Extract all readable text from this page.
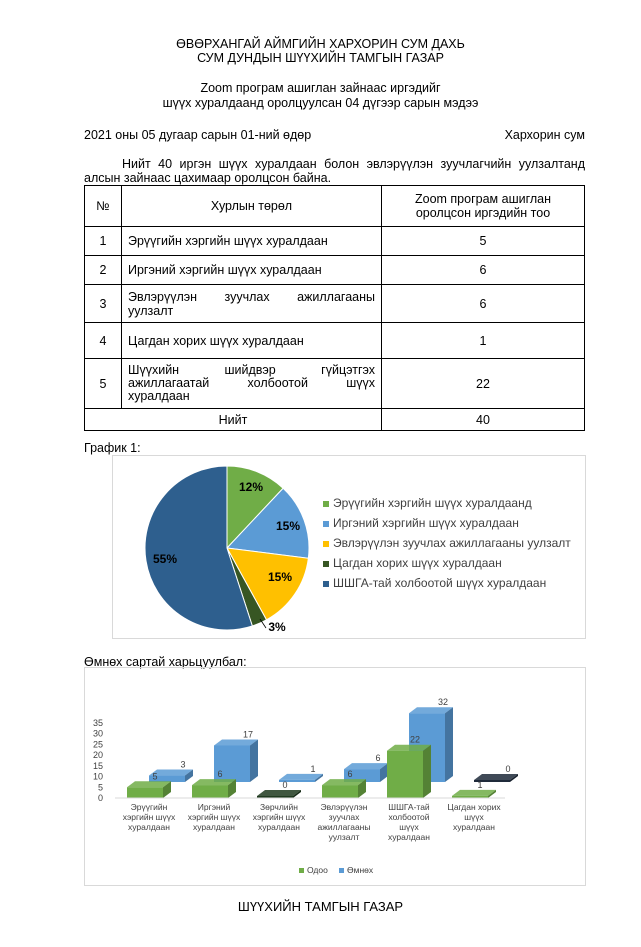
ӨВӨРХАНГАЙ АЙМГИЙН ХАРХОРИН СУМ ДАХЬ
СУМ ДУНДЫН ШҮҮХИЙН ТАМГЫН ГАЗАР
Zoom програм ашиглан зайнаас иргэдийг
шүүх хуралдаанд оролцуулсан 04 дүгээр сарын мэдээ
2021 оны 05 дугаар сарын 01-ний өдөр	Хархорин сум
Нийт 40 иргэн шүүх хуралдаан болон эвлэрүүлэн зуучлагчийн уулзалтанд
алсын зайнаас цахимаар оролцсон байна.
№	Хурлын төрөл	Zoom програм ашиглан
оролцсон иргэдийн тоо

1	Эрүүгийн хэргийн шүүх хуралдаан	5
2	Иргэний хэргийн шүүх хуралдаан	6
3	Эвлэрүүлэн зуучлах ажиллагааны
уулзалт	6
4	Цагдан хорих шүүх хуралдаан	1
5	Шүүхийн шийдвэр гүйцэтгэх
ажиллагаатай холбоотой шүүх
хуралдаан	22
Нийт		40
График 1:
12%
15%
15%
3%
55%
Эрүүгийн хэргийн шүүх хуралдаанд
Иргэний хэргийн шүүх хуралдаан
Эвлэрүүлэн зуучлах ажиллагааны уулзалт
Цагдан хорих шүүх хуралдаан
ШШГА-тай холбоотой шүүх хуралдаан
Өмнөх сартай харьцуулбал:
0
5
10
15
20
25
30
35
3
5
Эрүүгийн
хэргийн шүүх
хуралдаан
17
6
Иргэний
хэргийн шүүх
хуралдаан
1
0
Зөрчлийн
хэргийн шүүх
хуралдаан
6
6
Эвлэрүүлэн
зуучлах
ажиллагааны
уулзалт
32
22
ШШГА-тай
холбоотой
шүүх
хуралдаан
0
1
Цагдан хорих
шүүх
хуралдаан
Одоо Өмнөх
ШҮҮХИЙН ТАМГЫН ГАЗАР
